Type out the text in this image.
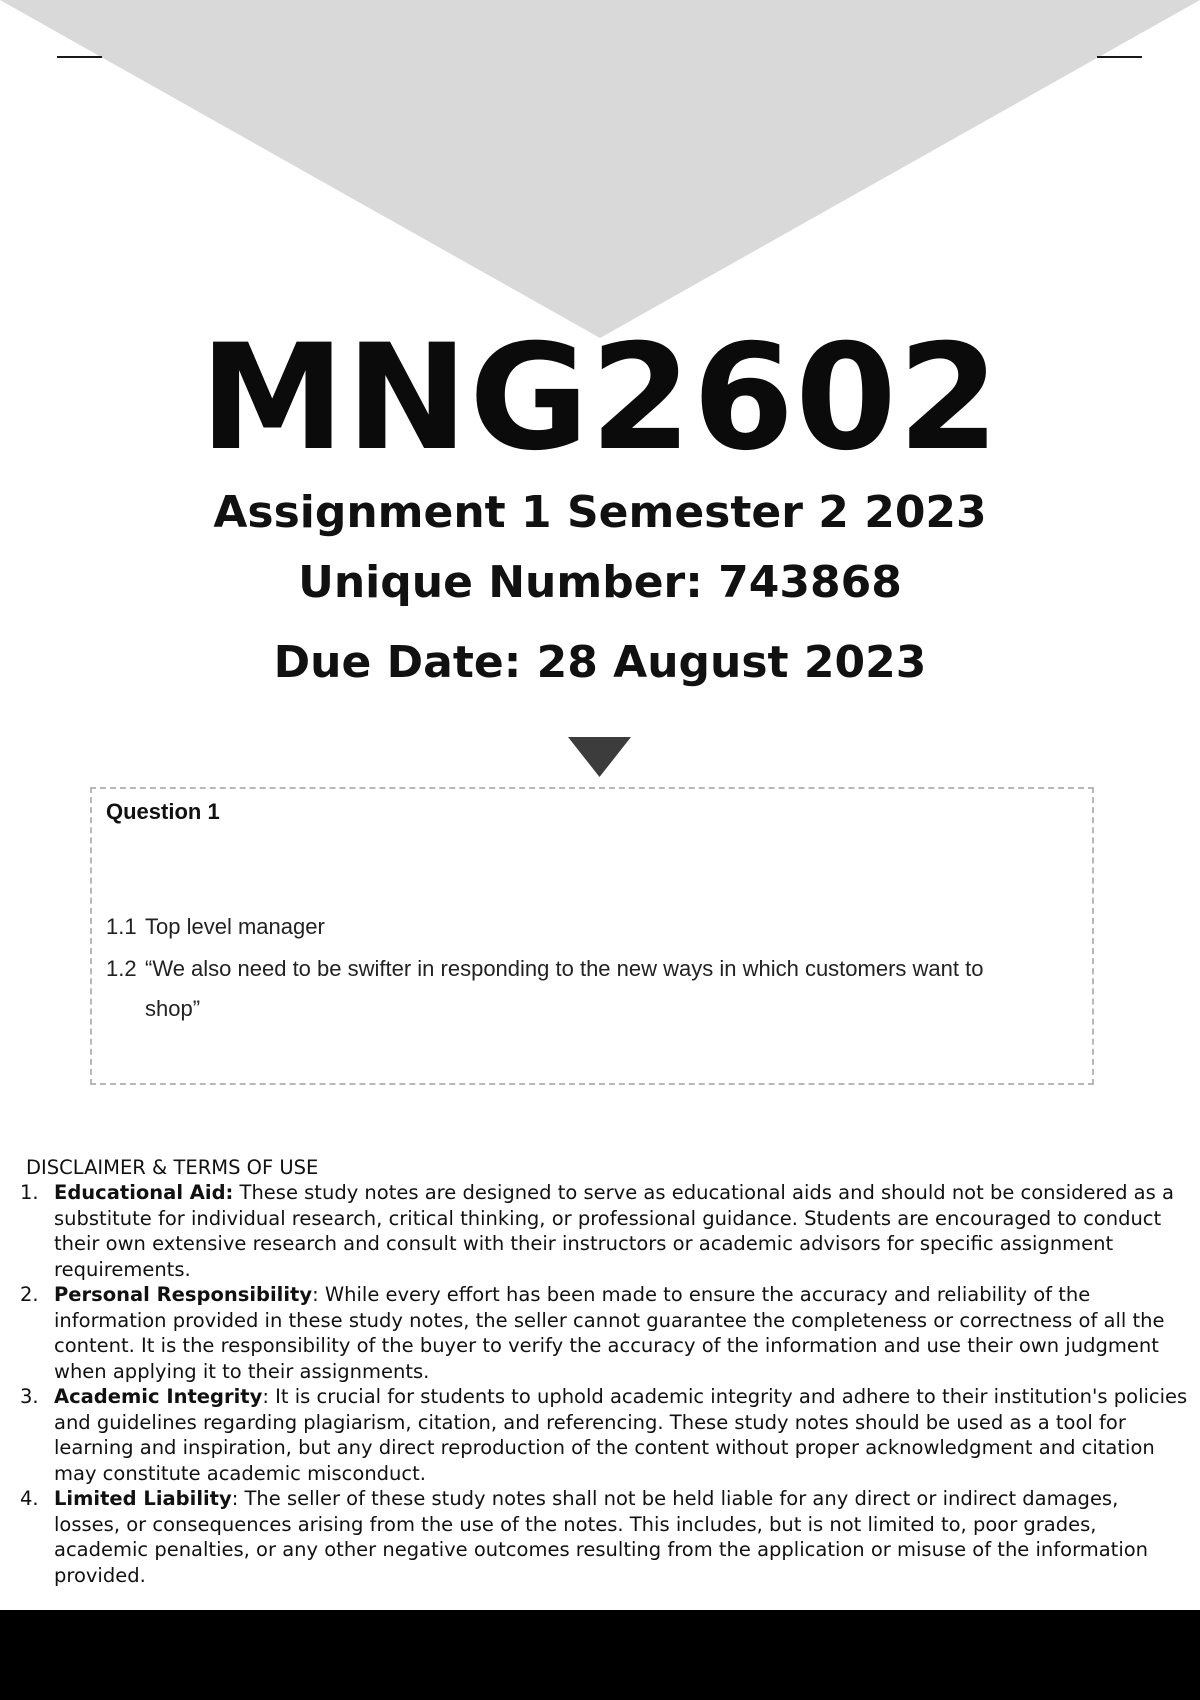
MNG2602
Assignment 1 Semester 2 2023
Unique Number: 743868
Due Date: 28 August 2023
Question 1
1.1 Top level manager
1.2 “We also need to be swifter in responding to the new ways in which customers want to
shop”
DISCLAIMER & TERMS OF USE
1. Educational Aid: These study notes are designed to serve as educational aids and should not be considered as a substitute for individual research, critical thinking, or professional guidance. Students are encouraged to conduct their own extensive research and consult with their instructors or academic advisors for specific assignment requirements.
2. Personal Responsibility: While every effort has been made to ensure the accuracy and reliability of the information provided in these study notes, the seller cannot guarantee the completeness or correctness of all the content. It is the responsibility of the buyer to verify the accuracy of the information and use their own judgment when applying it to their assignments.
3. Academic Integrity: It is crucial for students to uphold academic integrity and adhere to their institution's policies and guidelines regarding plagiarism, citation, and referencing. These study notes should be used as a tool for learning and inspiration, but any direct reproduction of the content without proper acknowledgment and citation may constitute academic misconduct.
4. Limited Liability: The seller of these study notes shall not be held liable for any direct or indirect damages, losses, or consequences arising from the use of the notes. This includes, but is not limited to, poor grades, academic penalties, or any other negative outcomes resulting from the application or misuse of the information provided.
